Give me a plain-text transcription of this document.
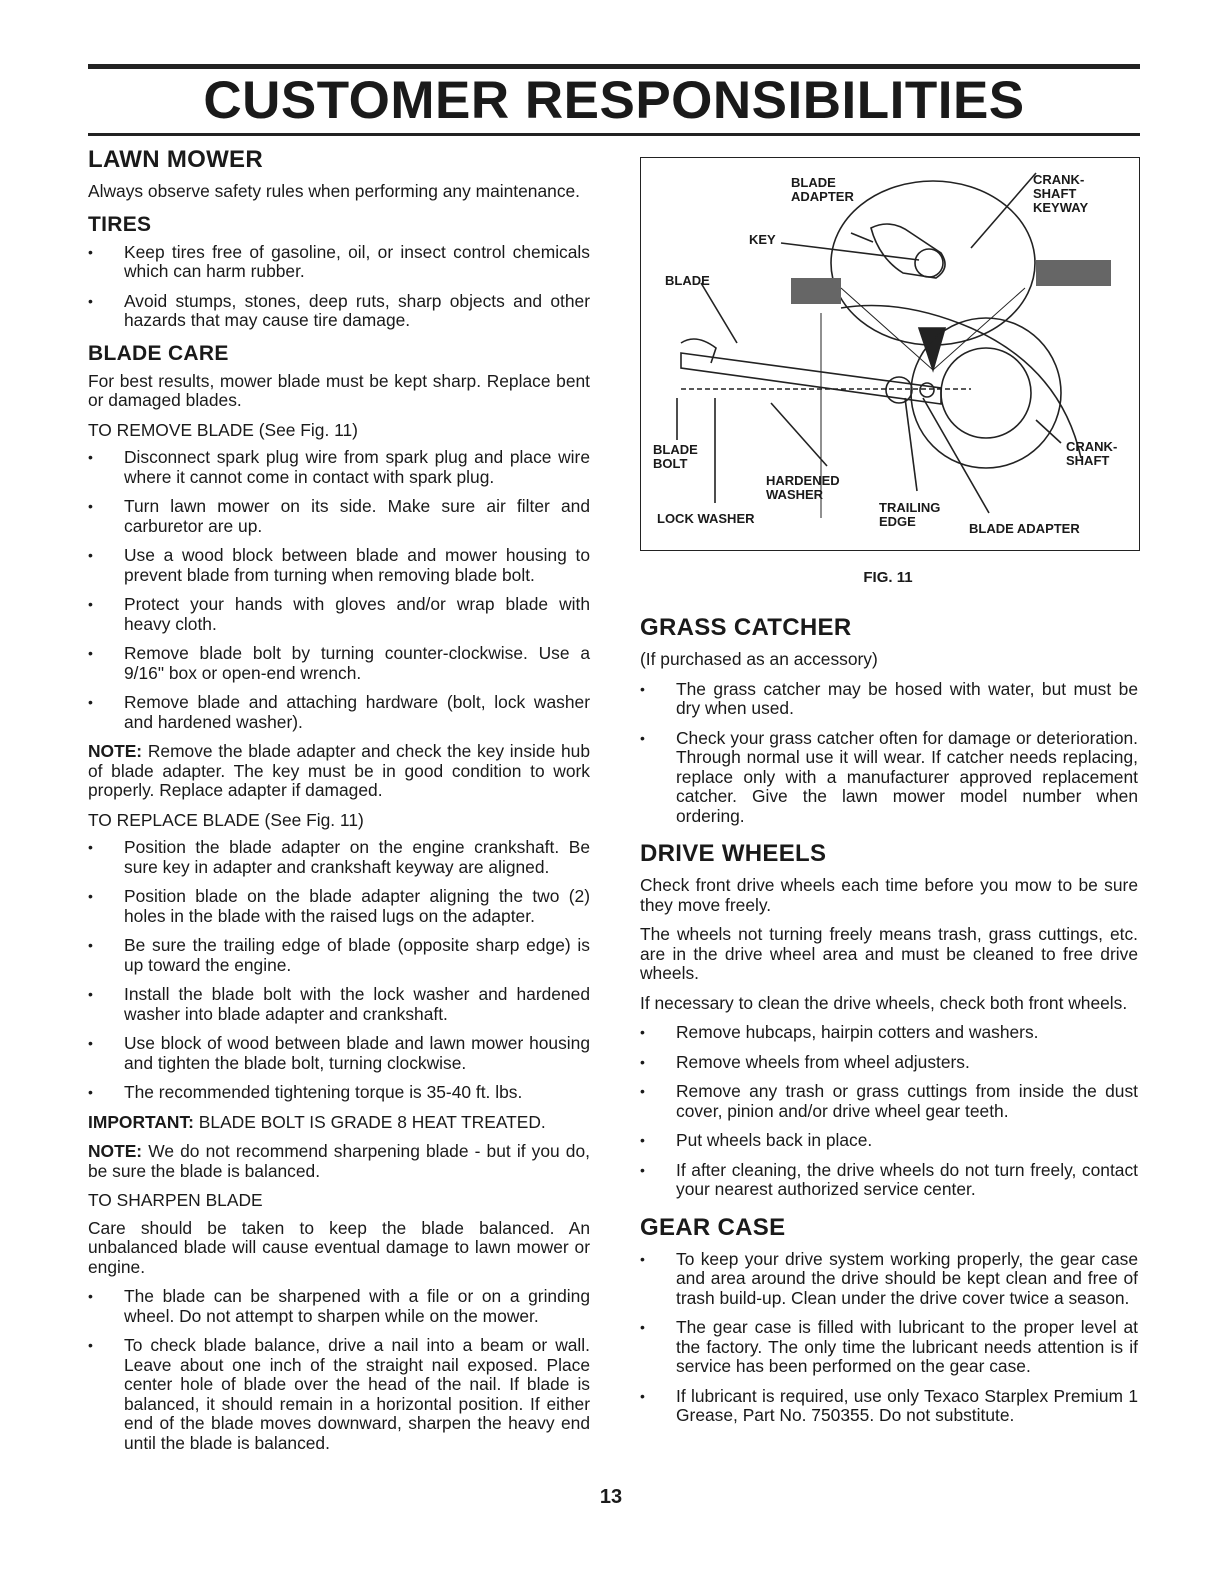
CUSTOMER RESPONSIBILITIES
LAWN MOWER

Always observe safety rules when performing any maintenance.

TIRES
• Keep tires free of gasoline, oil, or insect control chemicals which can harm rubber.
• Avoid stumps, stones, deep ruts, sharp objects and other hazards that may cause tire damage.
BLADE CARE

For best results, mower blade must be kept sharp. Replace bent or damaged blades.

TO REMOVE BLADE (See Fig. 11)
• Disconnect spark plug wire from spark plug and place wire where it cannot come in contact with spark plug.
• Turn lawn mower on its side. Make sure air filter and carburetor are up.
• Use a wood block between blade and mower housing to prevent blade from turning when removing blade bolt.
• Protect your hands with gloves and/or wrap blade with heavy cloth.
• Remove blade bolt by turning counter-clockwise. Use a 9/16" box or open-end wrench.
• Remove blade and attaching hardware (bolt, lock washer and hardened washer).

NOTE: Remove the blade adapter and check the key inside hub of blade adapter. The key must be in good condition to work properly. Replace adapter if damaged.

TO REPLACE BLADE (See Fig. 11)
• Position the blade adapter on the engine crankshaft. Be sure key in adapter and crankshaft keyway are aligned.
• Position blade on the blade adapter aligning the two (2) holes in the blade with the raised lugs on the adapter.
• Be sure the trailing edge of blade (opposite sharp edge) is up toward the engine.
• Install the blade bolt with the lock washer and hardened washer into blade adapter and crankshaft.
• Use block of wood between blade and lawn mower housing and tighten the blade bolt, turning clockwise.
• The recommended tightening torque is 35-40 ft. lbs.

IMPORTANT: BLADE BOLT IS GRADE 8 HEAT TREATED.

NOTE: We do not recommend sharpening blade - but if you do, be sure the blade is balanced.

TO SHARPEN BLADE

Care should be taken to keep the blade balanced. An unbalanced blade will cause eventual damage to lawn mower or engine.

• The blade can be sharpened with a file or on a grinding wheel. Do not attempt to sharpen while on the mower.
• To check blade balance, drive a nail into a beam or wall. Leave about one inch of the straight nail exposed. Place center hole of blade over the head of the nail. If blade is balanced, it should remain in a horizontal position. If either end of the blade moves downward, sharpen the heavy end until the blade is balanced.
BLADE
ADAPTER
CRANK-
SHAFT
KEYWAY
KEY
BLADE
BLADE
BOLT
CRANK-
SHAFT
HARDENED
WASHER
TRAILING
EDGE
LOCK WASHER
BLADE ADAPTER
FIG. 11
GRASS CATCHER

(If purchased as an accessory)

• The grass catcher may be hosed with water, but must be dry when used.
• Check your grass catcher often for damage or deterioration. Through normal use it will wear. If catcher needs replacing, replace only with a manufacturer approved replacement catcher. Give the lawn mower model number when ordering.
DRIVE WHEELS

Check front drive wheels each time before you mow to be sure they move freely.

The wheels not turning freely means trash, grass cuttings, etc. are in the drive wheel area and must be cleaned to free drive wheels.

If necessary to clean the drive wheels, check both front wheels.

• Remove hubcaps, hairpin cotters and washers.
• Remove wheels from wheel adjusters.
• Remove any trash or grass cuttings from inside the dust cover, pinion and/or drive wheel gear teeth.
• Put wheels back in place.
• If after cleaning, the drive wheels do not turn freely, contact your nearest authorized service center.
GEAR CASE
• To keep your drive system working properly, the gear case and area around the drive should be kept clean and free of trash build-up. Clean under the drive cover twice a season.
• The gear case is filled with lubricant to the proper level at the factory. The only time the lubricant needs attention is if service has been performed on the gear case.
• If lubricant is required, use only Texaco Starplex Premium 1 Grease, Part No. 750355. Do not substitute.
13
